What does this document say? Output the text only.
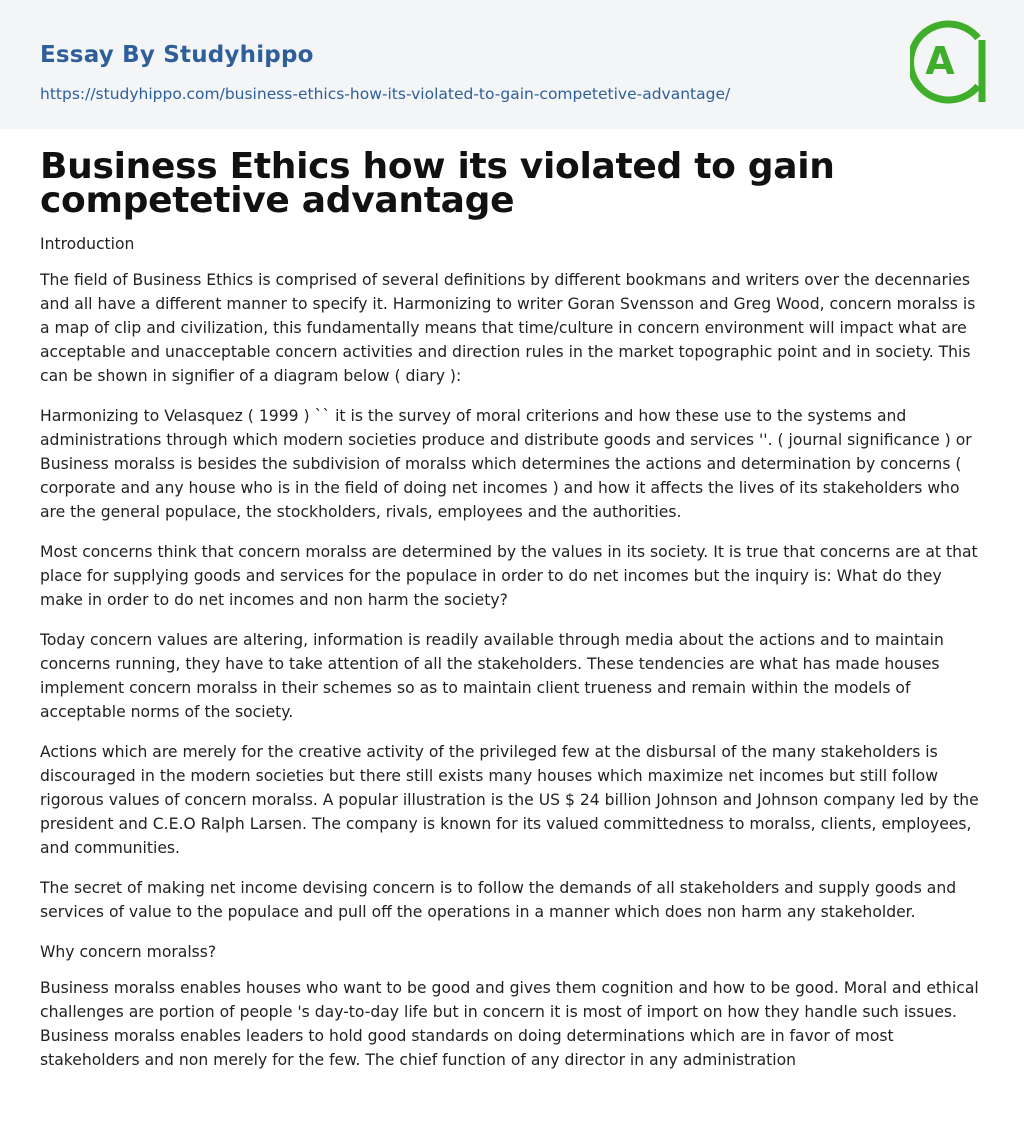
Essay By Studyhippo
https://studyhippo.com/business-ethics-how-its-violated-to-gain-competetive-advantage/
A
Business Ethics how its violated to gain competetive advantage

Introduction

The field of Business Ethics is comprised of several definitions by different bookmans and writers over the decennaries and all have a different manner to specify it. Harmonizing to writer Goran Svensson and Greg Wood, concern moralss is a map of clip and civilization, this fundamentally means that time/culture in concern environment will impact what are acceptable and unacceptable concern activities and direction rules in the market topographic point and in society. This can be shown in signifier of a diagram below ( diary ):

Harmonizing to Velasquez ( 1999 ) `` it is the survey of moral criterions and how these use to the systems and administrations through which modern societies produce and distribute goods and services ''. ( journal significance ) or Business moralss is besides the subdivision of moralss which determines the actions and determination by concerns ( corporate and any house who is in the field of doing net incomes ) and how it affects the lives of its stakeholders who are the general populace, the stockholders, rivals, employees and the authorities.

Most concerns think that concern moralss are determined by the values in its society. It is true that concerns are at that place for supplying goods and services for the populace in order to do net incomes but the inquiry is: What do they make in order to do net incomes and non harm the society?

Today concern values are altering, information is readily available through media about the actions and to maintain concerns running, they have to take attention of all the stakeholders. These tendencies are what has made houses implement concern moralss in their schemes so as to maintain client trueness and remain within the models of acceptable norms of the society.

Actions which are merely for the creative activity of the privileged few at the disbursal of the many stakeholders is discouraged in the modern societies but there still exists many houses which maximize net incomes but still follow rigorous values of concern moralss. A popular illustration is the US $ 24 billion Johnson and Johnson company led by the president and C.E.O Ralph Larsen. The company is known for its valued committedness to moralss, clients, employees, and communities.

The secret of making net income devising concern is to follow the demands of all stakeholders and supply goods and services of value to the populace and pull off the operations in a manner which does non harm any stakeholder.

Why concern moralss?

Business moralss enables houses who want to be good and gives them cognition and how to be good. Moral and ethical challenges are portion of people 's day-to-day life but in concern it is most of import on how they handle such issues. Business moralss enables leaders to hold good standards on doing determinations which are in favor of most stakeholders and non merely for the few. The chief function of any director in any administration
